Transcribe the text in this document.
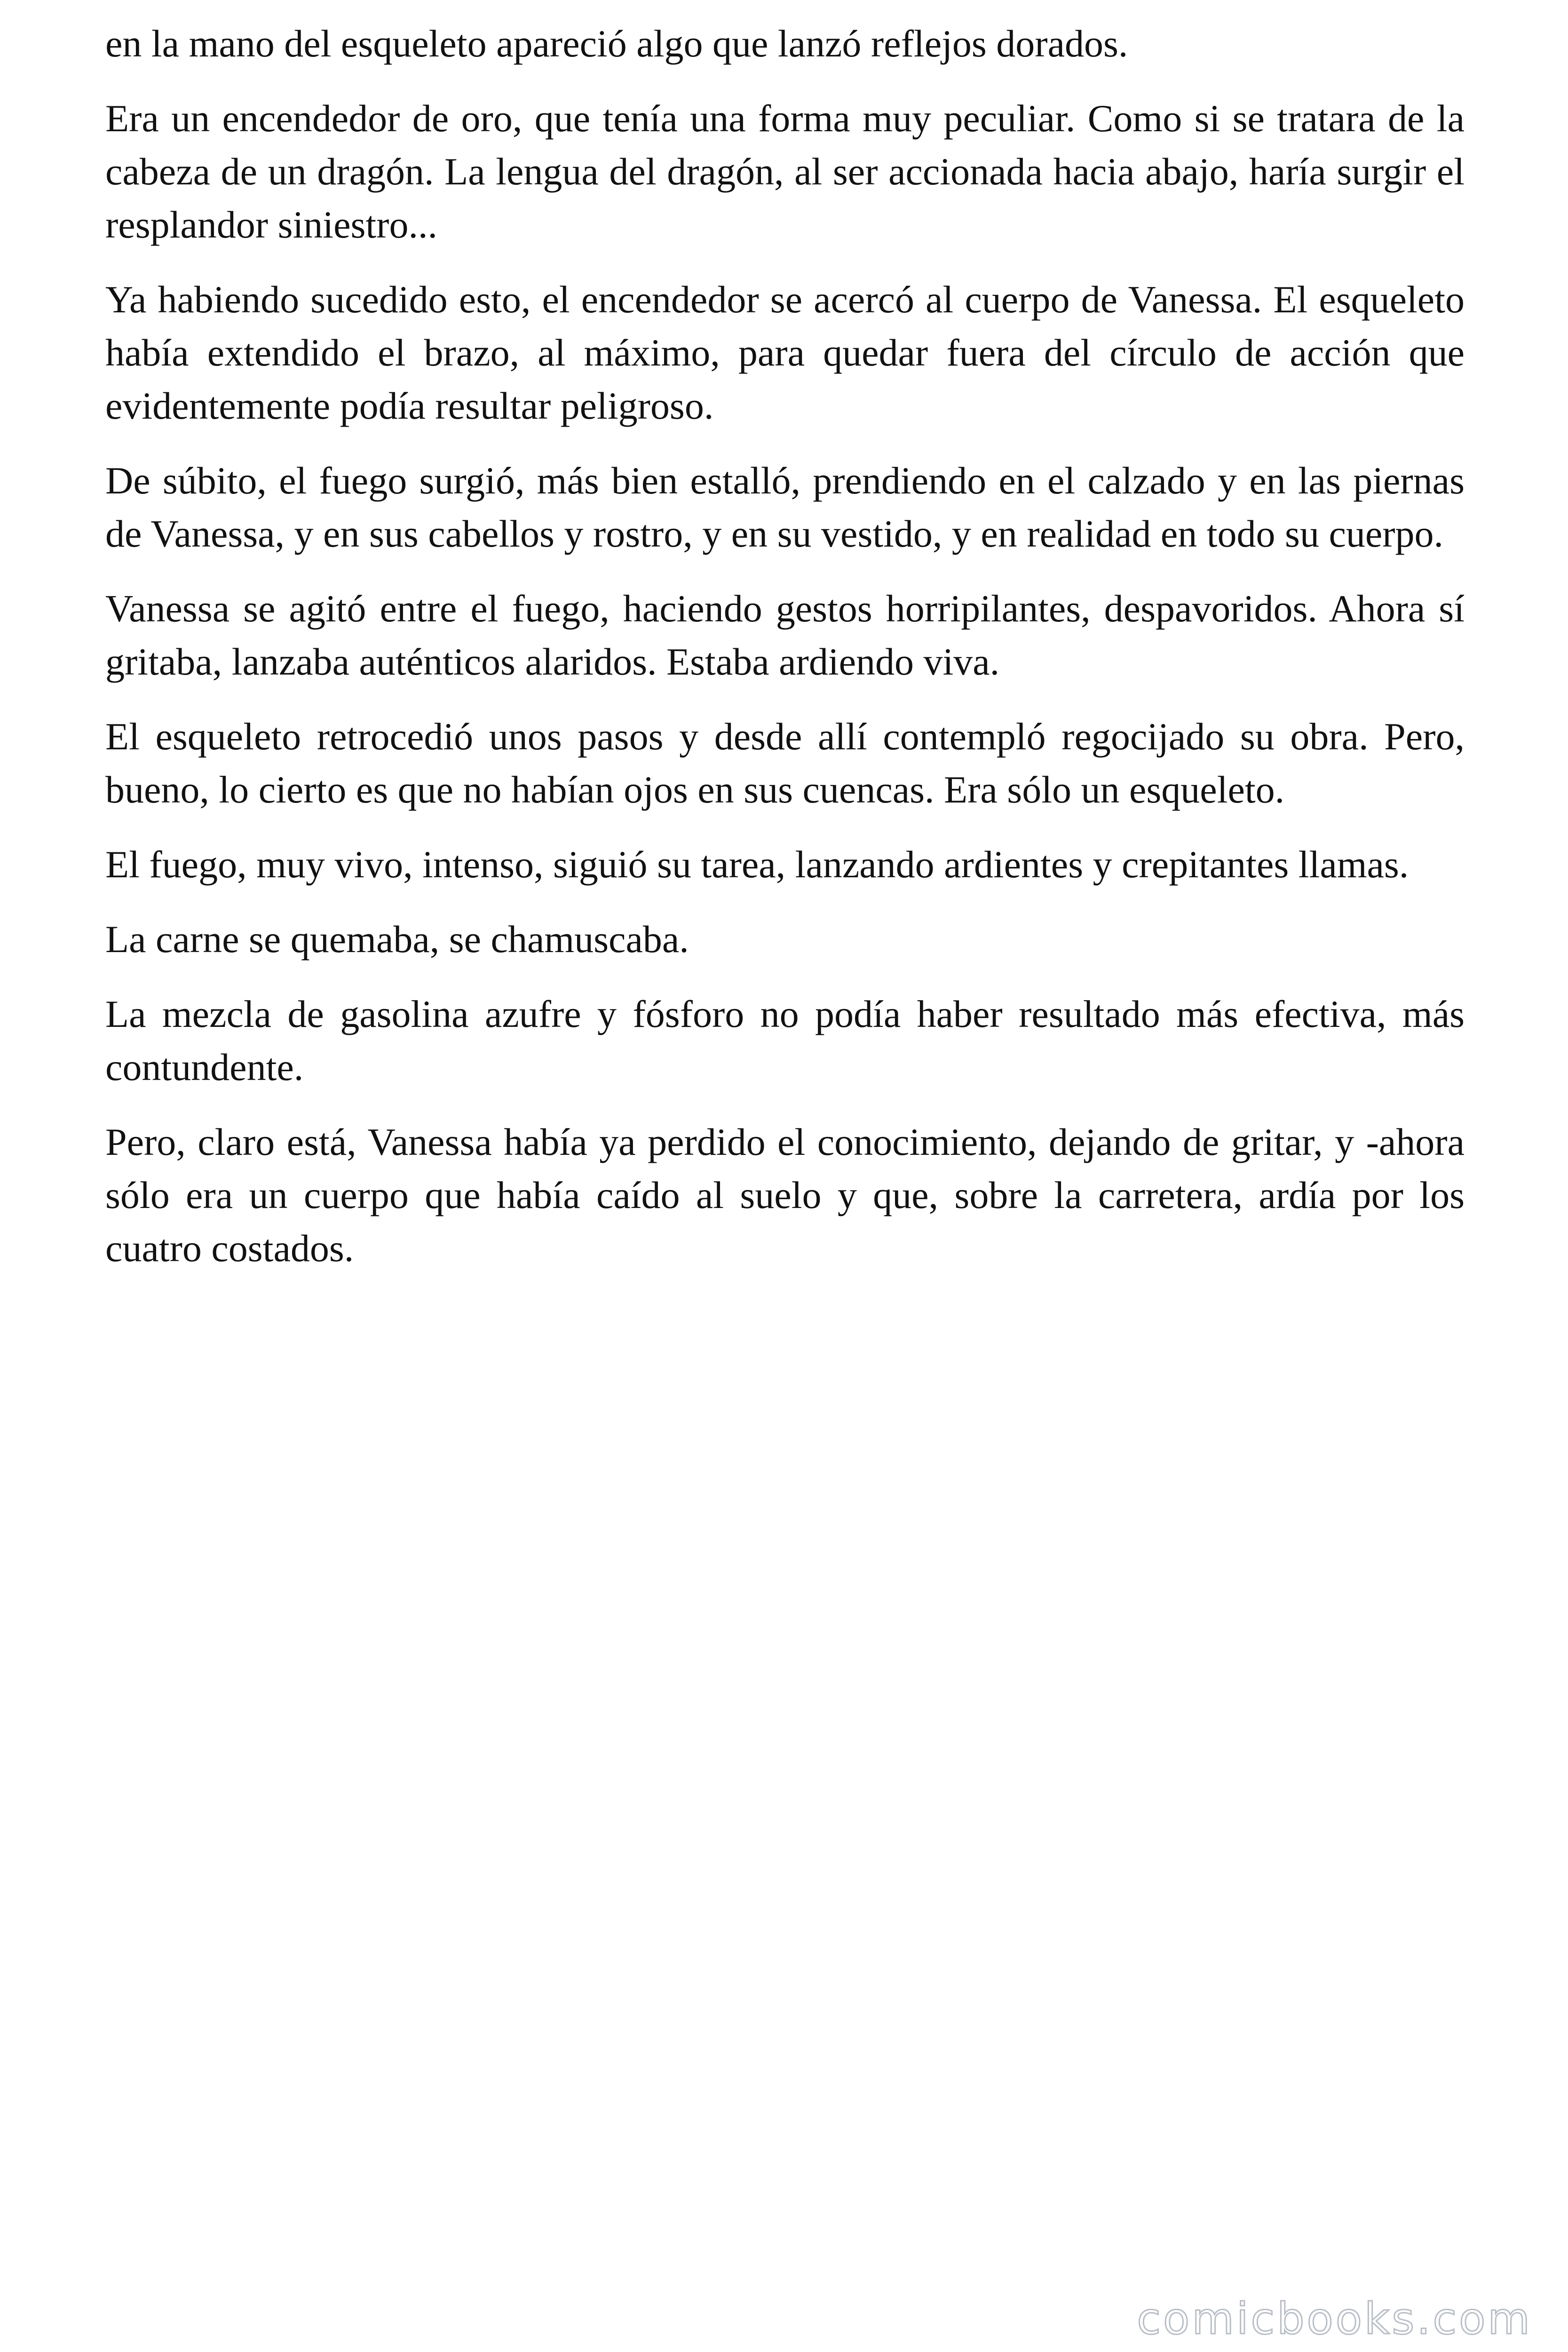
en la mano del esqueleto apareció algo que lanzó reflejos dorados.

Era un encendedor de oro, que tenía una forma muy peculiar. Como si se tratara de la cabeza de un dragón. La lengua del dragón, al ser accionada hacia abajo, haría surgir el resplandor siniestro...

Ya habiendo sucedido esto, el encendedor se acercó al cuerpo de Vanessa. El esqueleto había extendido el brazo, al máximo, para quedar fuera del círculo de acción que evidentemente podía resultar peligroso.

De súbito, el fuego surgió, más bien estalló, prendiendo en el calzado y en las piernas de Vanessa, y en sus cabellos y rostro, y en su vestido, y en realidad en todo su cuerpo.

Vanessa se agitó entre el fuego, haciendo gestos horripilantes, despavoridos. Ahora sí gritaba, lanzaba auténticos alaridos. Estaba ardiendo viva.

El esqueleto retrocedió unos pasos y desde allí contempló regocijado su obra. Pero, bueno, lo cierto es que no habían ojos en sus cuencas. Era sólo un esqueleto.

El fuego, muy vivo, intenso, siguió su tarea, lanzando ardientes y crepitantes llamas.

La carne se quemaba, se chamuscaba.

La mezcla de gasolina azufre y fósforo no podía haber resultado más efectiva, más contundente.

Pero, claro está, Vanessa había ya perdido el conocimiento, dejando de gritar, y -ahora sólo era un cuerpo que había caído al suelo y que, sobre la carretera, ardía por los cuatro costados.

comicbooks.com
